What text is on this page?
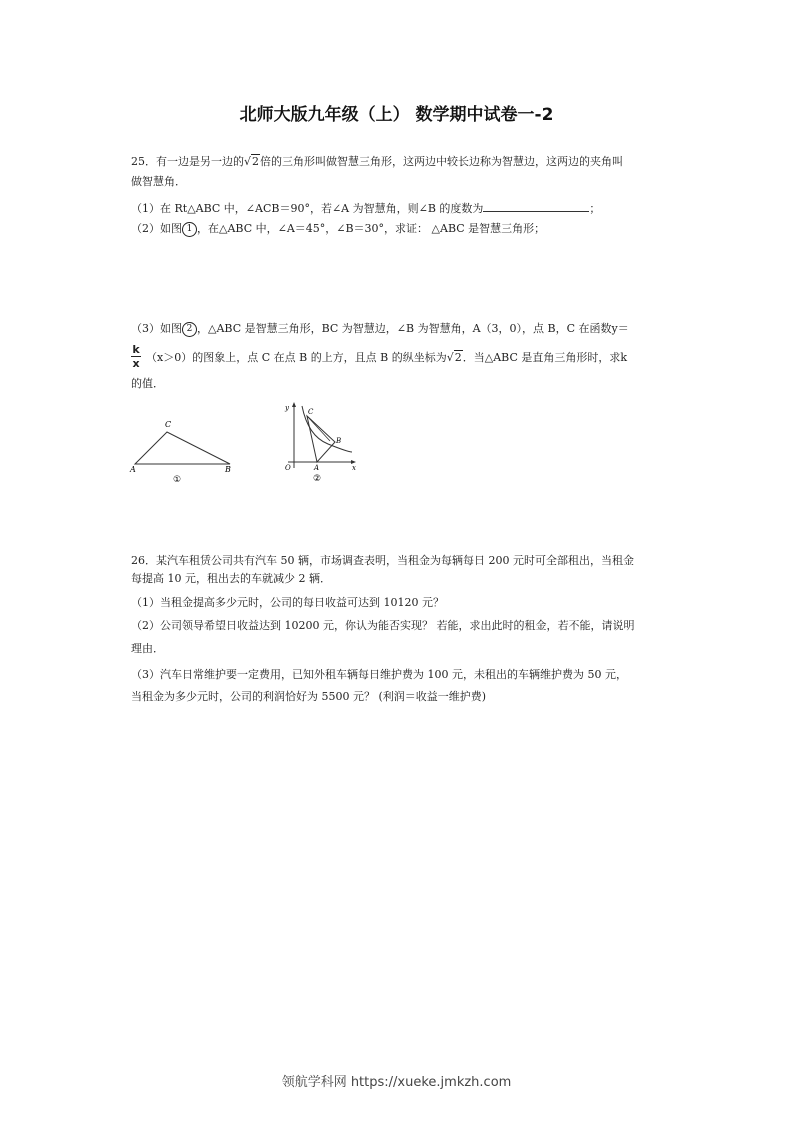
北师大版九年级（上） 数学期中试卷一-2
25．有一边是另一边的√2倍的三角形叫做智慧三角形，这两边中较长边称为智慧边，这两边的夹角叫
做智慧角．
（1）在 Rt△ABC 中，∠ACB＝90°，若∠A 为智慧角，则∠B 的度数为	；
（2）如图 1 ，在△ABC 中，∠A＝45°，∠B＝30°，求证： △ABC 是智慧三角形；
（3）如图 2 ，△ABC 是智慧三角形，BC 为智慧边，∠B 为智慧角，A（3，0），点 B，C 在函数y＝
$\frac{k}{x} (x>0)$的图象上，点 C 在点 B 的上方，且点 B 的纵坐标为√2．当△ABC 是直角三角形时，求k
的值．
C
A	B
①
y	C
B
O	A	x
②
26．某汽车租赁公司共有汽车 50 辆，市场调查表明，当租金为每辆每日 200 元时可全部租出，当租金
每提高 10 元，租出去的车就减少 2 辆．
（1）当租金提高多少元时，公司的每日收益可达到 10120 元？
（2）公司领导希望日收益达到 10200 元，你认为能否实现？ 若能，求出此时的租金，若不能，请说明
理由．
（3）汽车日常维护要一定费用，已知外租车辆每日维护费为 100 元，未租出的车辆维护费为 50 元，
当租金为多少元时，公司的利润恰好为 5500 元？ (利润＝收益一维护费)
领航学科网 https://xueke.jmkzh.com
